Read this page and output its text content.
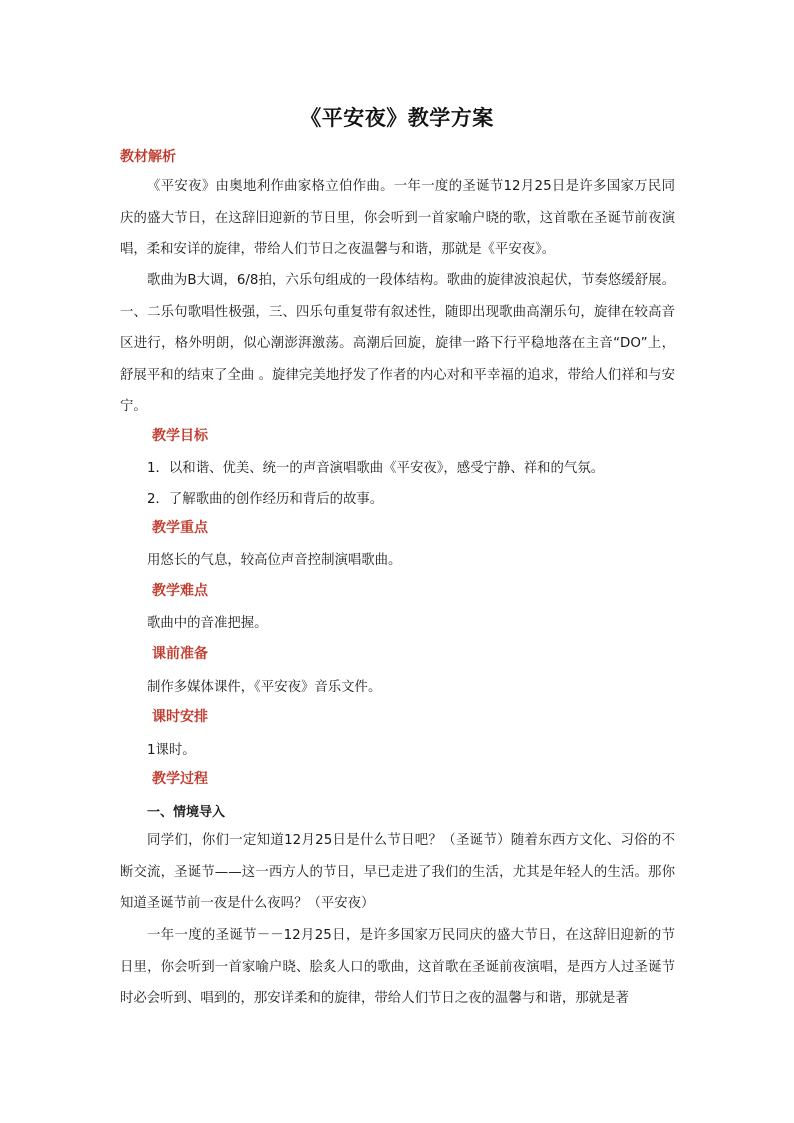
《平安夜》教学方案
教材解析
《平安夜》由奥地利作曲家格立伯作曲。一年一度的圣诞节12月25日是许多国家万民同庆的盛大节日，在这辞旧迎新的节日里，你会听到一首家喻户晓的歌，这首歌在圣诞节前夜演唱，柔和安详的旋律，带给人们节日之夜温馨与和谐，那就是《平安夜》。
歌曲为B大调，6/8拍，六乐句组成的一段体结构。歌曲的旋律波浪起伏，节奏悠缓舒展。一、二乐句歌唱性极强，三、四乐句重复带有叙述性，随即出现歌曲高潮乐句，旋律在较高音区进行，格外明朗，似心潮澎湃激荡。高潮后回旋，旋律一路下行平稳地落在主音“DO”上，舒展平和的结束了全曲 。旋律完美地抒发了作者的内心对和平幸福的追求，带给人们祥和与安宁。
教学目标
1．以和谐、优美、统一的声音演唱歌曲《平安夜》，感受宁静、祥和的气氛。
2．了解歌曲的创作经历和背后的故事。
教学重点
用悠长的气息，较高位声音控制演唱歌曲。
教学难点
歌曲中的音准把握。
课前准备
制作多媒体课件，《平安夜》音乐文件。
课时安排
1课时。
教学过程
一、情境导入
同学们，你们一定知道12月25日是什么节日吧？（圣诞节）随着东西方文化、习俗的不断交流，圣诞节——这一西方人的节日，早已走进了我们的生活，尤其是年轻人的生活。那你知道圣诞节前一夜是什么夜吗？（平安夜）
一年一度的圣诞节－－12月25日，是许多国家万民同庆的盛大节日，在这辞旧迎新的节日里，你会听到一首家喻户晓、脍炙人口的歌曲，这首歌在圣诞前夜演唱，是西方人过圣诞节时必会听到、唱到的，那安详柔和的旋律，带给人们节日之夜的温馨与和谐，那就是著
